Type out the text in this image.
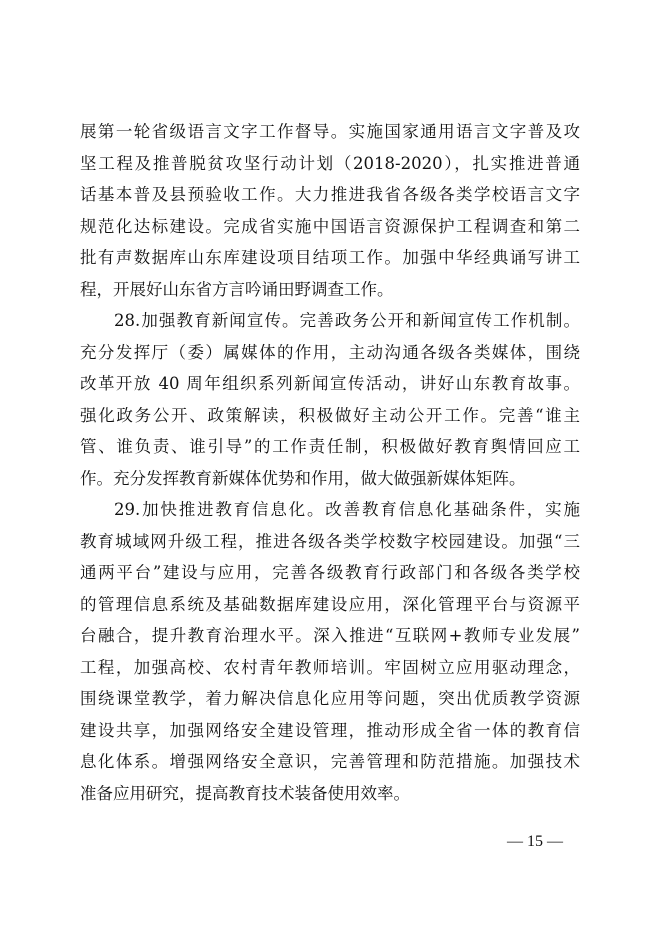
展第一轮省级语言文字工作督导。实施国家通用语言文字普及攻
坚工程及推普脱贫攻坚行动计划（2018-2020），扎实推进普通
话基本普及县预验收工作。大力推进我省各级各类学校语言文字
规范化达标建设。完成省实施中国语言资源保护工程调查和第二
批有声数据库山东库建设项目结项工作。加强中华经典诵写讲工
程，开展好山东省方言吟诵田野调查工作。
28.加强教育新闻宣传。完善政务公开和新闻宣传工作机制。
充分发挥厅（委）属媒体的作用，主动沟通各级各类媒体，围绕
改革开放 40 周年组织系列新闻宣传活动，讲好山东教育故事。
强化政务公开、政策解读，积极做好主动公开工作。完善“谁主
管、谁负责、谁引导”的工作责任制，积极做好教育舆情回应工
作。充分发挥教育新媒体优势和作用，做大做强新媒体矩阵。
29.加快推进教育信息化。改善教育信息化基础条件，实施
教育城域网升级工程，推进各级各类学校数字校园建设。加强“三
通两平台”建设与应用，完善各级教育行政部门和各级各类学校
的管理信息系统及基础数据库建设应用，深化管理平台与资源平
台融合，提升教育治理水平。深入推进“互联网+教师专业发展”
工程，加强高校、农村青年教师培训。牢固树立应用驱动理念，
围绕课堂教学，着力解决信息化应用等问题，突出优质教学资源
建设共享，加强网络安全建设管理，推动形成全省一体的教育信
息化体系。增强网络安全意识，完善管理和防范措施。加强技术
准备应用研究，提高教育技术装备使用效率。
— 15 —
